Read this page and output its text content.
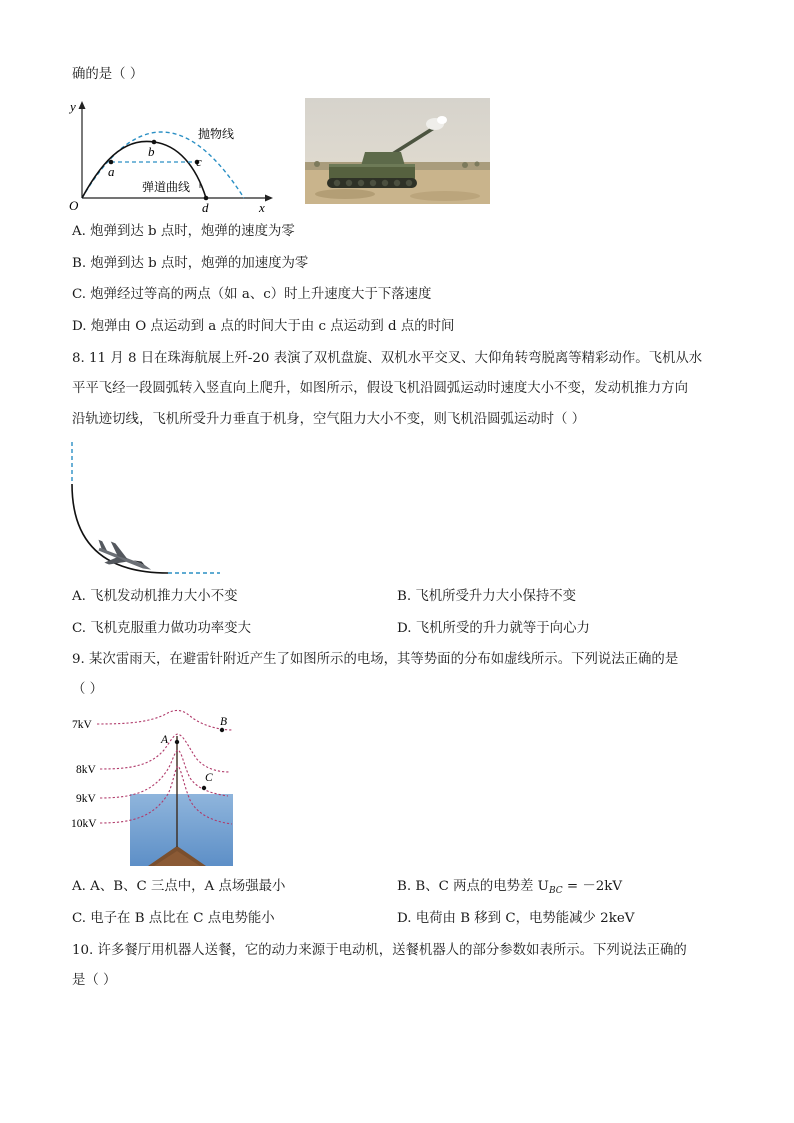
确的是（ ）
y
x
O
a
b
c
d
抛物线
弹道曲线
A. 炮弹到达 b 点时，炮弹的速度为零
B. 炮弹到达 b 点时，炮弹的加速度为零
C. 炮弹经过等高的两点（如 a、c）时上升速度大于下落速度
D. 炮弹由 O 点运动到 a 点的时间大于由 c 点运动到 d 点的时间
8. 11 月 8 日在珠海航展上歼-20 表演了双机盘旋、双机水平交叉、大仰角转弯脱离等精彩动作。飞机从水
平平飞经一段圆弧转入竖直向上爬升，如图所示，假设飞机沿圆弧运动时速度大小不变，发动机推力方向
沿轨迹切线，飞机所受升力垂直于机身，空气阻力大小不变，则飞机沿圆弧运动时（ ）
A. 飞机发动机推力大小不变	B. 飞机所受升力大小保持不变
C. 飞机克服重力做功功率变大	D. 飞机所受的升力就等于向心力
9. 某次雷雨天，在避雷针附近产生了如图所示的电场，其等势面的分布如虚线所示。下列说法正确的是
（ ）
7kV
8kV
9kV
10kV
A
B
C
A. A、B、C 三点中，A 点场强最小	B. B、C 两点的电势差 $U_{BC} = -2kV$
C. 电子在 B 点比在 C 点电势能小	D. 电荷由 B 移到 C，电势能减少 2keV
10. 许多餐厅用机器人送餐，它的动力来源于电动机，送餐机器人的部分参数如表所示。下列说法正确的
是（ ）
